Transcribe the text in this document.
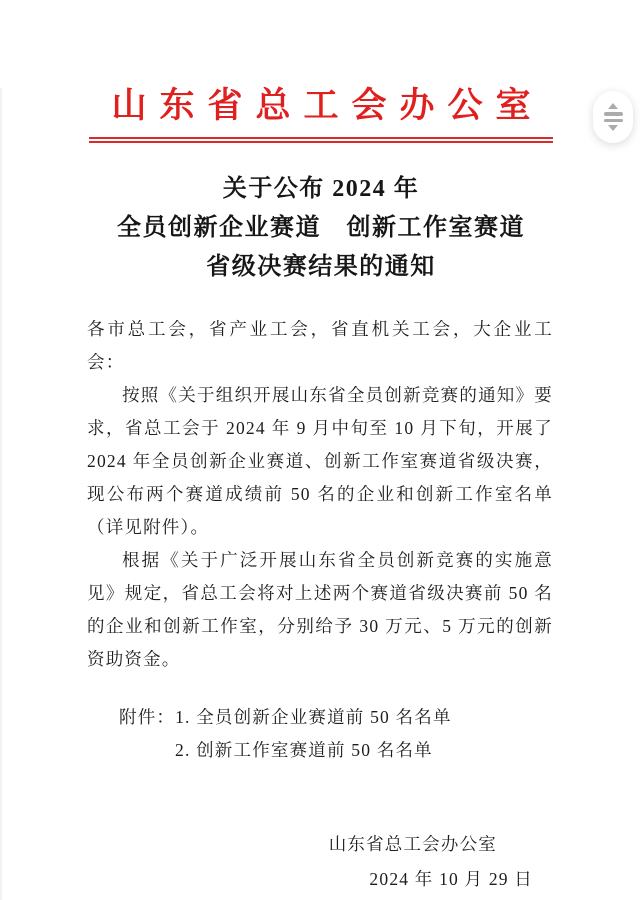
山东省总工会办公室
关于公布 2024 年
全员创新企业赛道　创新工作室赛道
省级决赛结果的通知

各市总工会，省产业工会，省直机关工会，大企业工会：

按照《关于组织开展山东省全员创新竞赛的通知》要求，省总工会于 2024 年 9 月中旬至 10 月下旬，开展了 2024 年全员创新企业赛道、创新工作室赛道省级决赛，现公布两个赛道成绩前 50 名的企业和创新工作室名单（详见附件）。

根据《关于广泛开展山东省全员创新竞赛的实施意见》规定，省总工会将对上述两个赛道省级决赛前 50 名的企业和创新工作室，分别给予 30 万元、5 万元的创新资助资金。

附件：1. 全员创新企业赛道前 50 名名单
2. 创新工作室赛道前 50 名名单
山东省总工会办公室
2024 年 10 月 29 日
